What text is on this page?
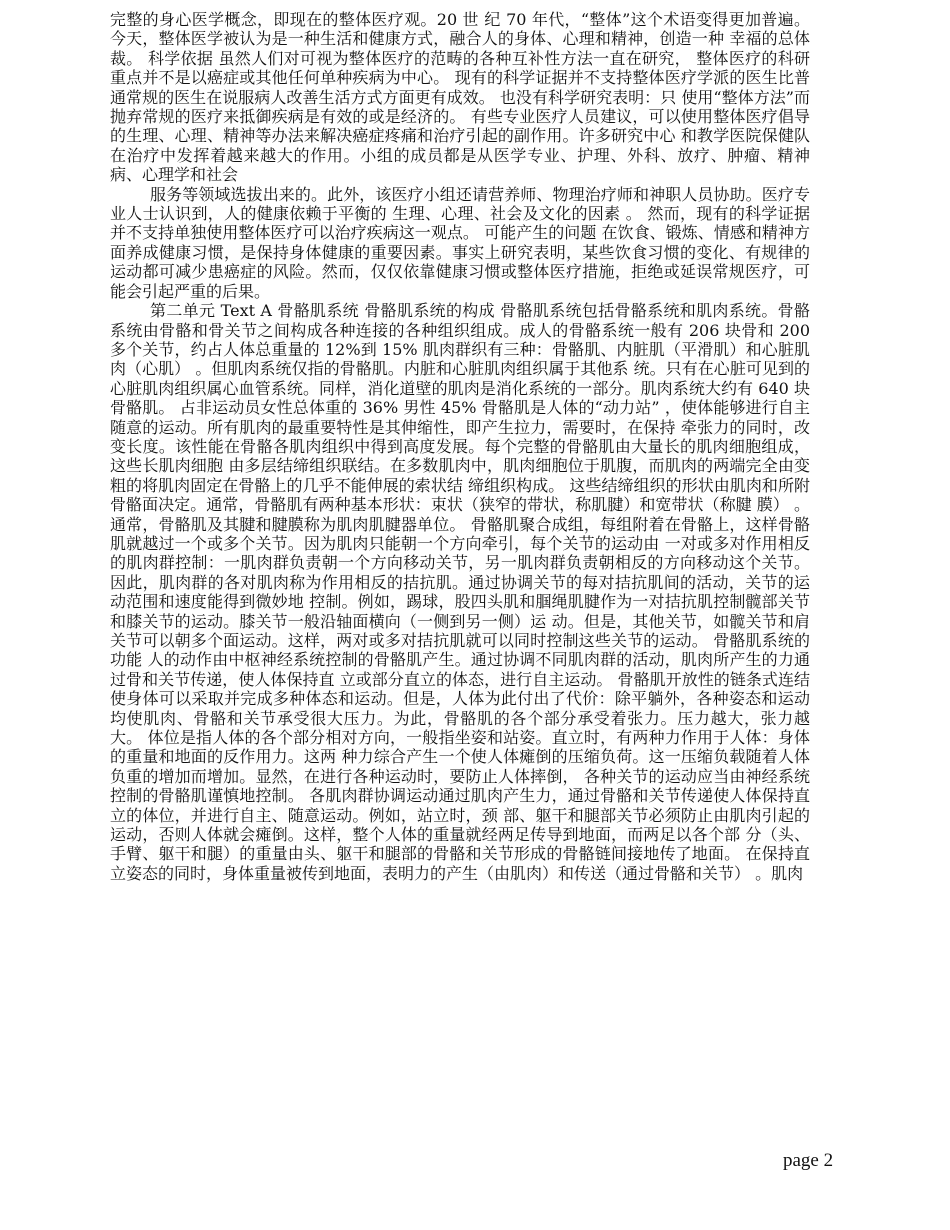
完整的身心医学概念，即现在的整体医疗观。20 世 纪 70 年代，“整体”这个术语变得更加普遍。今天，整体医学被认为是一种生活和健康方式，融合人的身体、心理和精神，创造一种 幸福的总体裁。 科学依据 虽然人们对可视为整体医疗的范畴的各种互补性方法一直在研究， 整体医疗的科研重点并不是以癌症或其他任何单种疾病为中心。 现有的科学证据并不支持整体医疗学派的医生比普通常规的医生在说服病人改善生活方式方面更有成效。 也没有科学研究表明：只 使用“整体方法”而抛弃常规的医疗来抵御疾病是有效的或是经济的。 有些专业医疗人员建议，可以使用整体医疗倡导的生理、心理、精神等办法来解决癌症疼痛和治疗引起的副作用。许多研究中心 和教学医院保健队在治疗中发挥着越来越大的作用。小组的成员都是从医学专业、护理、外科、放疗、肿瘤、精神病、心理学和社会

服务等领域选拔出来的。此外，该医疗小组还请营养师、物理治疗师和神职人员协助。医疗专业人士认识到，人的健康依赖于平衡的 生理、心理、社会及文化的因素 。 然而，现有的科学证据并不支持单独使用整体医疗可以治疗疾病这一观点。 可能产生的问题 在饮食、锻炼、情感和精神方面养成健康习惯，是保持身体健康的重要因素。事实上研究表明，某些饮食习惯的变化、有规律的 运动都可减少患癌症的风险。然而，仅仅依靠健康习惯或整体医疗措施，拒绝或延误常规医疗，可能会引起严重的后果。

第二单元 Text A 骨骼肌系统 骨骼肌系统的构成 骨骼肌系统包括骨骼系统和肌肉系统。骨骼系统由骨骼和骨关节之间构成各种连接的各种组织组成。成人的骨骼系统一般有 206 块骨和 200 多个关节，约占人体总重量的 12%到 15% 肌肉群织有三种：骨骼肌、内脏肌（平滑肌）和心脏肌肉（心肌） 。但肌肉系统仅指的骨骼肌。内脏和心脏肌肉组织属于其他系 统。只有在心脏可见到的心脏肌肉组织属心血管系统。同样，消化道壁的肌肉是消化系统的一部分。肌肉系统大约有 640 块骨骼肌。 占非运动员女性总体重的 36% 男性 45% 骨骼肌是人体的“动力站” ，使体能够进行自主随意的运动。所有肌肉的最重要特性是其伸缩性，即产生拉力，需要时，在保持 牵张力的同时，改变长度。该性能在骨骼各肌肉组织中得到高度发展。每个完整的骨骼肌由大量长的肌肉细胞组成，这些长肌肉细胞 由多层结缔组织联结。在多数肌肉中，肌肉细胞位于肌腹，而肌肉的两端完全由变粗的将肌肉固定在骨骼上的几乎不能伸展的索状结 缔组织构成。 这些结缔组织的形状由肌肉和所附骨骼面决定。通常，骨骼肌有两种基本形状：束状（狭窄的带状，称肌腱）和宽带状（称腱 膜） 。通常，骨骼肌及其腱和腱膜称为肌肉肌腱器单位。 骨骼肌聚合成组，每组附着在骨骼上，这样骨骼肌就越过一个或多个关节。因为肌肉只能朝一个方向牵引，每个关节的运动由 一对或多对作用相反的肌肉群控制：一肌肉群负责朝一个方向移动关节，另一肌肉群负责朝相反的方向移动这个关节。 因此，肌肉群的各对肌肉称为作用相反的拮抗肌。通过协调关节的每对拮抗肌间的活动，关节的运动范围和速度能得到微妙地 控制。例如，踢球，股四头肌和腘绳肌腱作为一对拮抗肌控制髋部关节和膝关节的运动。膝关节一般沿轴面横向（一侧到另一侧）运 动。但是，其他关节，如髋关节和肩关节可以朝多个面运动。这样，两对或多对拮抗肌就可以同时控制这些关节的运动。 骨骼肌系统的功能 人的动作由中枢神经系统控制的骨骼肌产生。通过协调不同肌肉群的活动，肌肉所产生的力通过骨和关节传递，使人体保持直 立或部分直立的体态，进行自主运动。 骨骼肌开放性的链条式连结使身体可以采取并完成多种体态和运动。但是，人体为此付出了代价：除平躺外，各种姿态和运动 均使肌肉、骨骼和关节承受很大压力。为此，骨骼肌的各个部分承受着张力。压力越大，张力越大。 体位是指人体的各个部分相对方向，一般指坐姿和站姿。直立时，有两种力作用于人体：身体的重量和地面的反作用力。这两 种力综合产生一个使人体瘫倒的压缩负荷。这一压缩负载随着人体负重的增加而增加。显然，在进行各种运动时，要防止人体摔倒， 各种关节的运动应当由神经系统控制的骨骼肌谨慎地控制。 各肌肉群协调运动通过肌肉产生力，通过骨骼和关节传递使人体保持直立的体位，并进行自主、随意运动。例如，站立时，颈 部、躯干和腿部关节必须防止由肌肉引起的运动，否则人体就会瘫倒。这样，整个人体的重量就经两足传导到地面，而两足以各个部 分（头、手臂、躯干和腿）的重量由头、躯干和腿部的骨骼和关节形成的骨骼链间接地传了地面。 在保持直立姿态的同时，身体重量被传到地面，表明力的产生（由肌肉）和传送（通过骨骼和关节） 。肌肉

page 2
